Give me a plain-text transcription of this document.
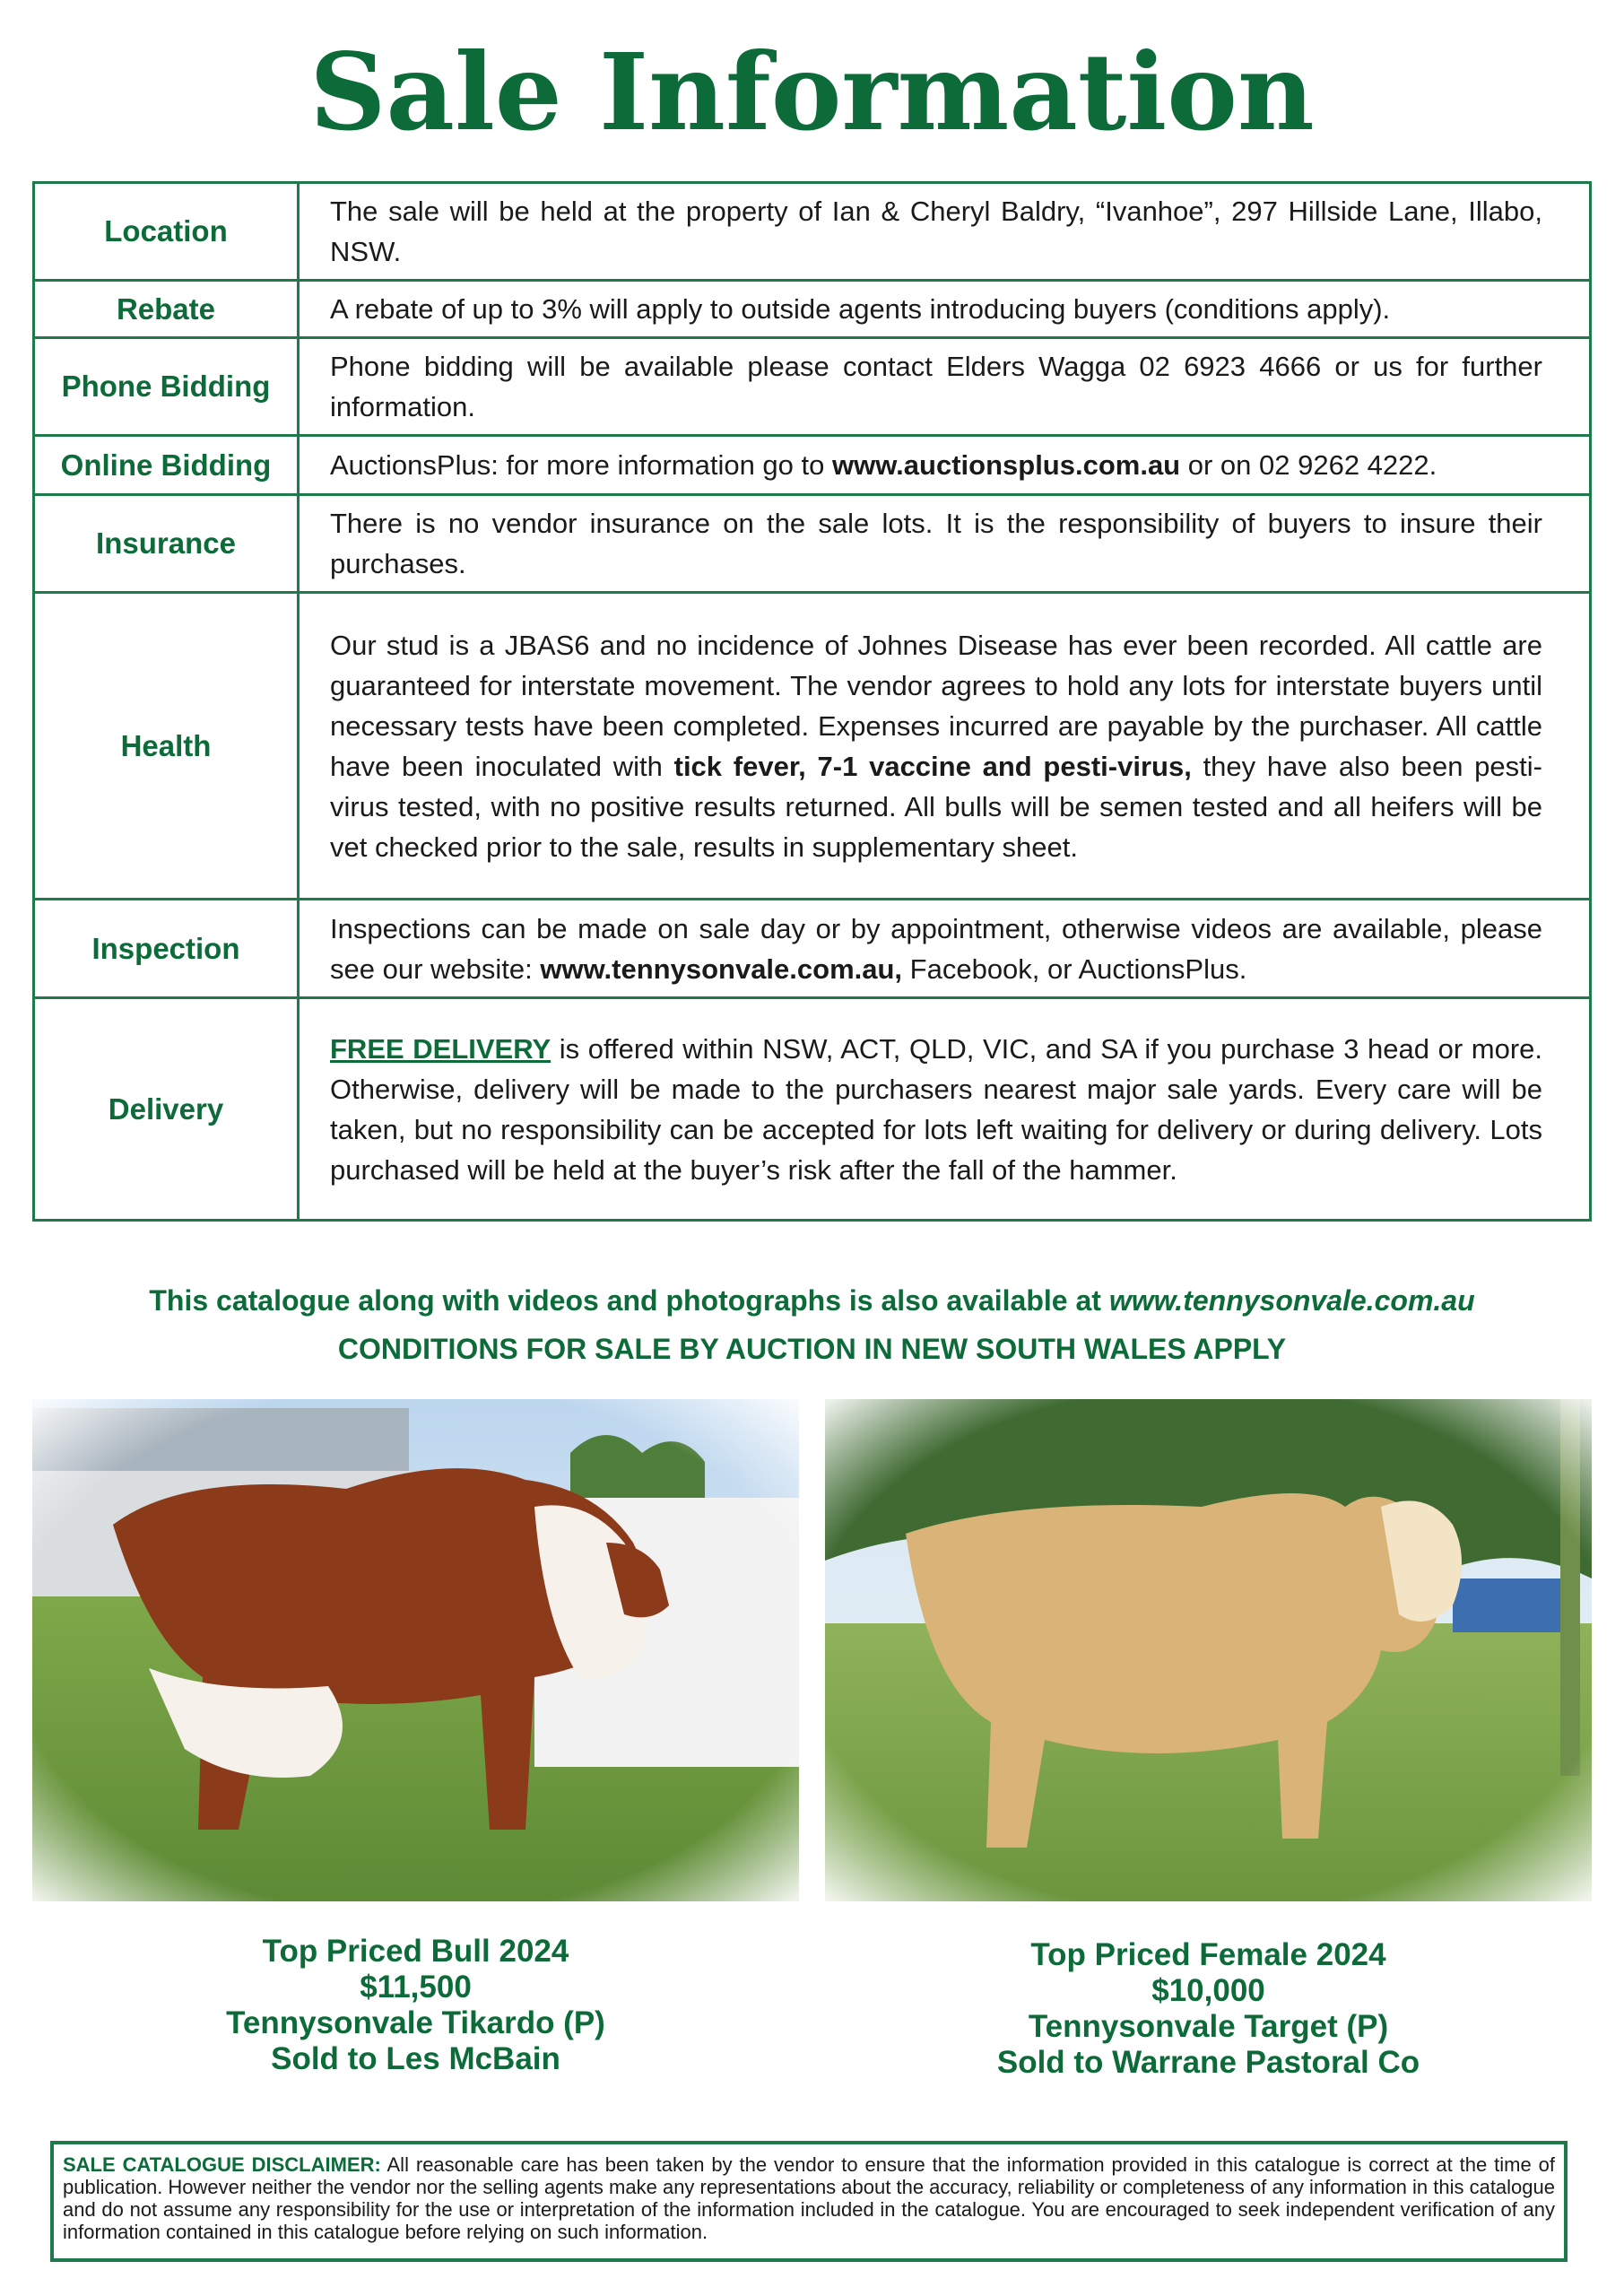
Sale Information
Location	The sale will be held at the property of Ian & Cheryl Baldry, “Ivanhoe”, 297 Hillside Lane, Illabo, NSW.
Rebate	A rebate of up to 3% will apply to outside agents introducing buyers (conditions apply).
Phone Bidding	Phone bidding will be available please contact Elders Wagga 02 6923 4666 or us for further information.
Online Bidding	AuctionsPlus: for more information go to www.auctionsplus.com.au or on 02 9262 4222.
Insurance	There is no vendor insurance on the sale lots. It is the responsibility of buyers to insure their purchases.
Health	Our stud is a JBAS6 and no incidence of Johnes Disease has ever been recorded. All cattle are guaranteed for interstate movement. The vendor agrees to hold any lots for interstate buyers until necessary tests have been completed. Expenses incurred are payable by the purchaser. All cattle have been inoculated with tick fever, 7-1 vaccine and pesti-virus, they have also been pesti-virus tested, with no positive results returned. All bulls will be semen tested and all heifers will be vet checked prior to the sale, results in supplementary sheet.
Inspection	Inspections can be made on sale day or by appointment, otherwise videos are available, please see our website: www.tennysonvale.com.au, Facebook, or AuctionsPlus.
Delivery	FREE DELIVERY is offered within NSW, ACT, QLD, VIC, and SA if you purchase 3 head or more. Otherwise, delivery will be made to the purchasers nearest major sale yards. Every care will be taken, but no responsibility can be accepted for lots left waiting for delivery or during delivery. Lots purchased will be held at the buyer’s risk after the fall of the hammer.
This catalogue along with videos and photographs is also available at www.tennysonvale.com.au
CONDITIONS FOR SALE BY AUCTION IN NEW SOUTH WALES APPLY
Top Priced Bull 2024
$11,500
Tennysonvale Tikardo (P)
Sold to Les McBain
Top Priced Female 2024
$10,000
Tennysonvale Target (P)
Sold to Warrane Pastoral Co
SALE CATALOGUE DISCLAIMER: All reasonable care has been taken by the vendor to ensure that the information provided in this catalogue is correct at the time of publication. However neither the vendor nor the selling agents make any representations about the accuracy, reliability or completeness of any information in this catalogue and do not assume any responsibility for the use or interpretation of the information included in the catalogue. You are encouraged to seek independent verification of any information contained in this catalogue before relying on such information.
